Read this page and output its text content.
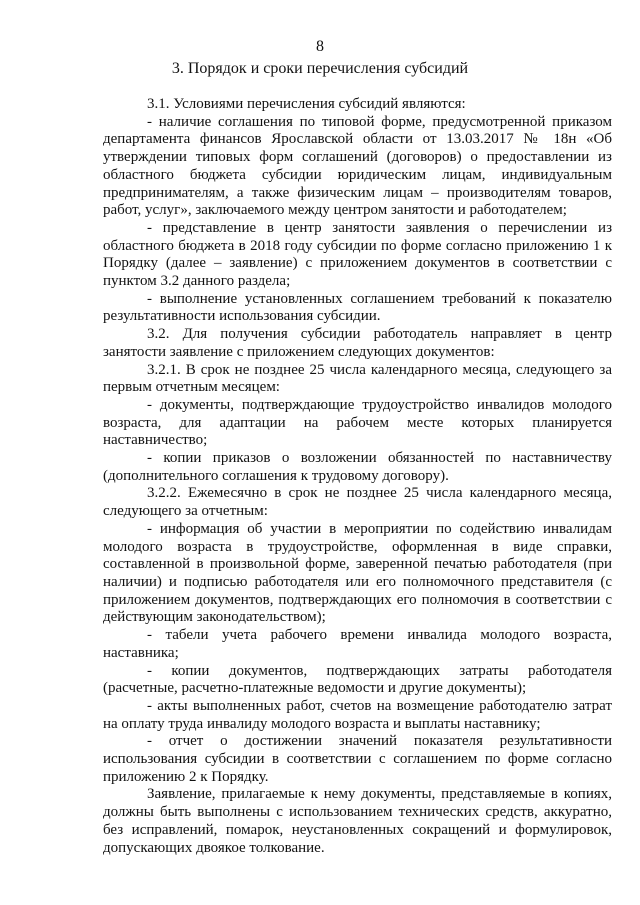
8
3. Порядок и сроки перечисления субсидий

3.1. Условиями перечисления субсидий являются:

- наличие соглашения по типовой форме, предусмотренной приказом департамента финансов Ярославской области от 13.03.2017 № 18н «Об утверждении типовых форм соглашений (договоров) о предоставлении из областного бюджета субсидии юридическим лицам, индивидуальным предпринимателям, а также физическим лицам – производителям товаров, работ, услуг», заключаемого между центром занятости и работодателем;

- представление в центр занятости заявления о перечислении из областного бюджета в 2018 году субсидии по форме согласно приложению 1 к Порядку (далее – заявление) с приложением документов в соответствии с пунктом 3.2 данного раздела;

- выполнение установленных соглашением требований к показателю результативности использования субсидии.

3.2. Для получения субсидии работодатель направляет в центр занятости заявление с приложением следующих документов:

3.2.1. В срок не позднее 25 числа календарного месяца, следующего за первым отчетным месяцем:

- документы, подтверждающие трудоустройство инвалидов молодого возраста, для адаптации на рабочем месте которых планируется наставничество;

- копии приказов о возложении обязанностей по наставничеству (дополнительного соглашения к трудовому договору).

3.2.2. Ежемесячно в срок не позднее 25 числа календарного месяца, следующего за отчетным:

- информация об участии в мероприятии по содействию инвалидам молодого возраста в трудоустройстве, оформленная в виде справки, составленной в произвольной форме, заверенной печатью работодателя (при наличии) и подписью работодателя или его полномочного представителя (с приложением документов, подтверждающих его полномочия в соответствии с действующим законодательством);

- табели учета рабочего времени инвалида молодого возраста, наставника;

- копии документов, подтверждающих затраты работодателя (расчетные, расчетно-платежные ведомости и другие документы);

- акты выполненных работ, счетов на возмещение работодателю затрат на оплату труда инвалиду молодого возраста и выплаты наставнику;

- отчет о достижении значений показателя результативности использования субсидии в соответствии с соглашением по форме согласно приложению 2 к Порядку.

Заявление, прилагаемые к нему документы, представляемые в копиях, должны быть выполнены с использованием технических средств, аккуратно, без исправлений, помарок, неустановленных сокращений и формулировок, допускающих двоякое толкование.
